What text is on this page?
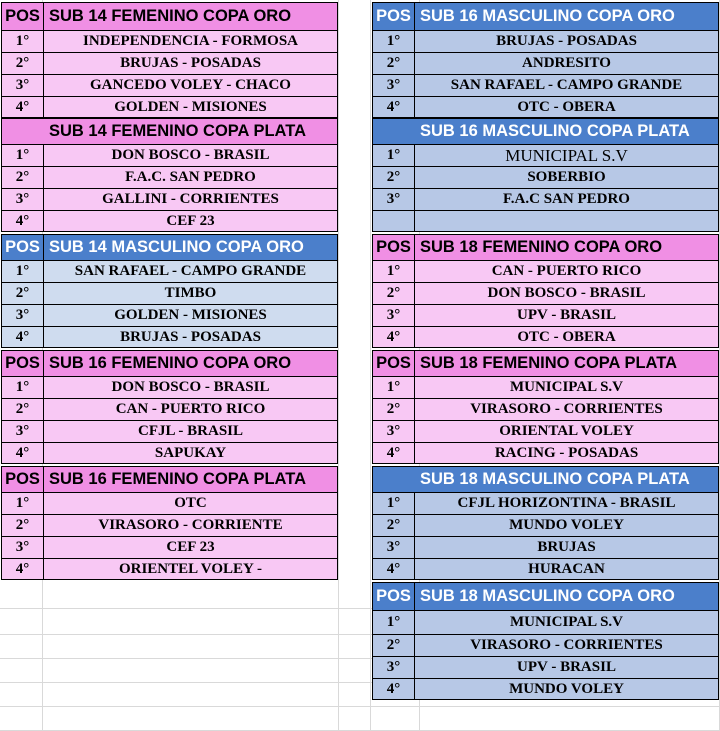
POS SUB 14 FEMENINO COPA ORO
1°	INDEPENDENCIA - FORMOSA
2°	BRUJAS - POSADAS
3°	GANCEDO VOLEY - CHACO
4°	GOLDEN - MISIONES
SUB 14 FEMENINO COPA PLATA
1°	DON BOSCO - BRASIL
2°	F.A.C. SAN PEDRO
3°	GALLINI - CORRIENTES
4°	CEF 23
POS SUB 14 MASCULINO COPA ORO
1°	SAN RAFAEL - CAMPO GRANDE
2°	TIMBO
3°	GOLDEN - MISIONES
4°	BRUJAS - POSADAS
POS SUB 16 FEMENINO COPA ORO
1°	DON BOSCO - BRASIL
2°	CAN - PUERTO RICO
3°	CFJL - BRASIL
4°	SAPUKAY
POS SUB 16 FEMENINO COPA PLATA
1°	OTC
2°	VIRASORO - CORRIENTE
3°	CEF 23
4°	ORIENTEL VOLEY -
POS SUB 16 MASCULINO COPA ORO
1°	BRUJAS - POSADAS
2°	ANDRESITO
3°	SAN RAFAEL - CAMPO GRANDE
4°	OTC - OBERA
SUB 16 MASCULINO COPA PLATA
1°	MUNICIPAL S.V
2°	SOBERBIO
3°	F.A.C SAN PEDRO
POS SUB 18 FEMENINO COPA ORO
1°	CAN - PUERTO RICO
2°	DON BOSCO - BRASIL
3°	UPV - BRASIL
4°	OTC - OBERA
POS SUB 18 FEMENINO COPA PLATA
1°	MUNICIPAL S.V
2°	VIRASORO - CORRIENTES
3°	ORIENTAL VOLEY
4°	RACING - POSADAS
SUB 18 MASCULINO COPA PLATA
1°	CFJL HORIZONTINA - BRASIL
2°	MUNDO VOLEY
3°	BRUJAS
4°	HURACAN
POS SUB 18 MASCULINO COPA ORO
1°	MUNICIPAL S.V
2°	VIRASORO - CORRIENTES
3°	UPV - BRASIL
4°	MUNDO VOLEY
